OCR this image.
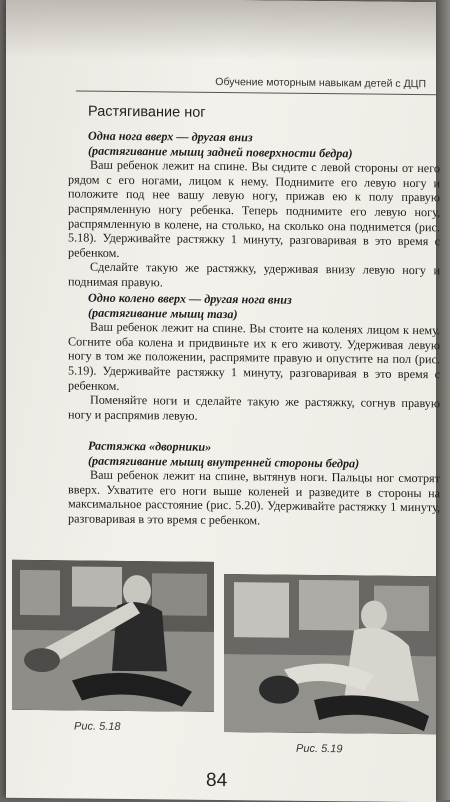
Обучение моторным навыкам детей с ДЦП
Растягивание ног

Одна нога вверх — другая вниз

(растягивание мышц задней поверхности бедра)

Ваш ребенок лежит на спине. Вы сидите с левой стороны от него рядом с его ногами, лицом к нему. Поднимите его левую ногу и положите под нее вашу левую ногу, прижав ею к полу правую распрямленную ногу ребенка. Теперь поднимите его левую ногу, распрямленную в колене, на столько, на сколько она поднимется (рис. 5.18). Удерживайте растяжку 1 минуту, разговаривая в это время с ребенком.

Сделайте такую же растяжку, удерживая внизу левую ногу и поднимая правую.

Одно колено вверх — другая нога вниз

(растягивание мышц таза)

Ваш ребенок лежит на спине. Вы стоите на коленях лицом к нему. Согните оба колена и придвиньте их к его животу. Удерживая левую ногу в том же положении, распрямите правую и опустите на пол (рис. 5.19). Удерживайте растяжку 1 минуту, разговаривая в это время с ребенком.

Поменяйте ноги и сделайте такую же растяжку, согнув правую ногу и распрямив левую.

Растяжка «дворники»

(растягивание мышц внутренней стороны бедра)

Ваш ребенок лежит на спине, вытянув ноги. Пальцы ног смотрят вверх. Ухватите его ноги выше коленей и разведите в стороны на максимальное расстояние (рис. 5.20). Удерживайте растяжку 1 минуту, разговаривая в это время с ребенком.

Рис. 5.18
Рис. 5.19
84
